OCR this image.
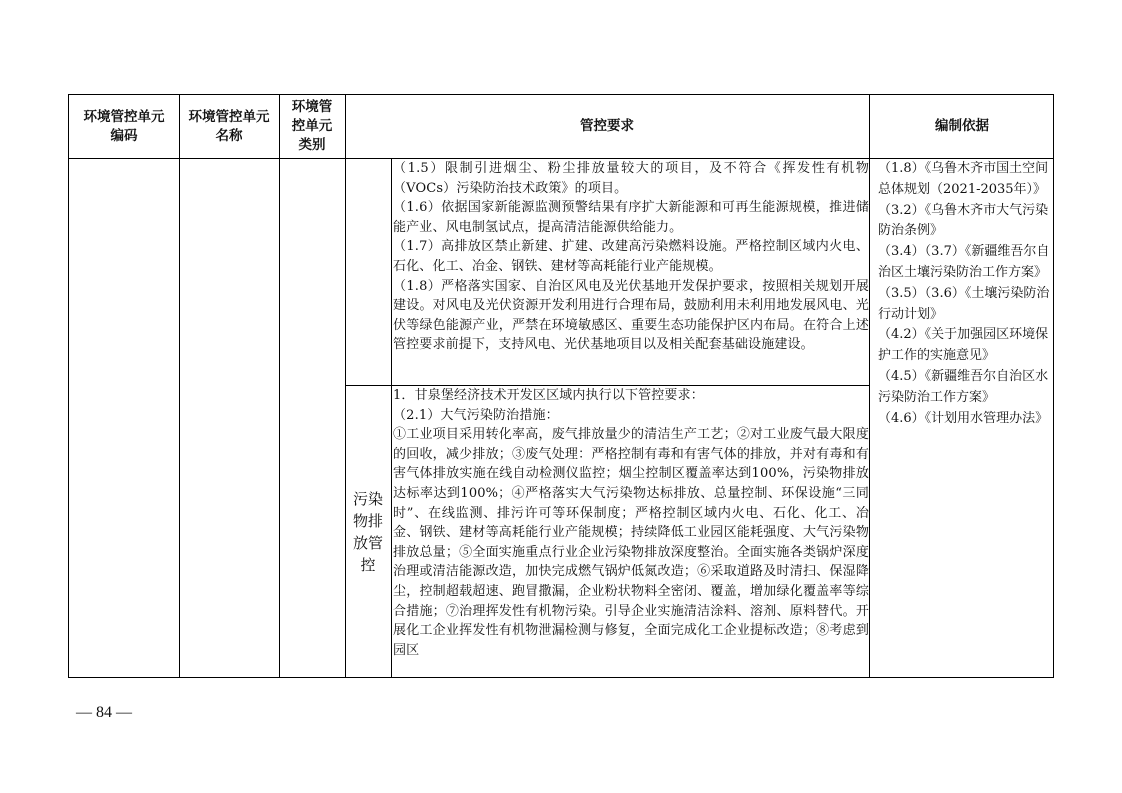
环境管控单元编码
环境管控单元名称
环境管控单元类别
管控要求	编制依据
污染物排放管控

（1.5）限制引进烟尘、粉尘排放量较大的项目，及不符合《挥发性有机物（VOCs）污染防治技术政策》的项目。

（1.6）依据国家新能源监测预警结果有序扩大新能源和可再生能源规模，推进储能产业、风电制氢试点，提高清洁能源供给能力。

（1.7）高排放区禁止新建、扩建、改建高污染燃料设施。严格控制区域内火电、石化、化工、冶金、钢铁、建材等高耗能行业产能规模。

（1.8）严格落实国家、自治区风电及光伏基地开发保护要求，按照相关规划开展建设。对风电及光伏资源开发利用进行合理布局，鼓励利用未利用地发展风电、光伏等绿色能源产业，严禁在环境敏感区、重要生态功能保护区内布局。在符合上述管控要求前提下，支持风电、光伏基地项目以及相关配套基础设施建设。

1．甘泉堡经济技术开发区区域内执行以下管控要求：

（2.1）大气污染防治措施：

①工业项目采用转化率高，废气排放量少的清洁生产工艺；②对工业废气最大限度的回收，减少排放；③废气处理：严格控制有毒和有害气体的排放，并对有毒和有害气体排放实施在线自动检测仪监控；烟尘控制区覆盖率达到100%，污染物排放达标率达到100%；④严格落实大气污染物达标排放、总量控制、环保设施“三同时”、在线监测、排污许可等环保制度；严格控制区域内火电、石化、化工、冶金、钢铁、建材等高耗能行业产能规模；持续降低工业园区能耗强度、大气污染物排放总量；⑤全面实施重点行业企业污染物排放深度整治。全面实施各类锅炉深度治理或清洁能源改造，加快完成燃气锅炉低氮改造；⑥采取道路及时清扫、保湿降尘，控制超载超速、跑冒撒漏，企业粉状物料全密闭、覆盖，增加绿化覆盖率等综合措施；⑦治理挥发性有机物污染。引导企业实施清洁涂料、溶剂、原料替代。开展化工企业挥发性有机物泄漏检测与修复，全面完成化工企业提标改造；⑧考虑到园区

（1.8）《乌鲁木齐市国土空间总体规划（2021-2035年）》

（3.2）《乌鲁木齐市大气污染防治条例》

（3.4）（3.7）《新疆维吾尔自治区土壤污染防治工作方案》

（3.5）（3.6）《土壤污染防治行动计划》

（4.2）《关于加强园区环境保护工作的实施意见》

（4.5）《新疆维吾尔自治区水污染防治工作方案》

（4.6）《计划用水管理办法》

— 84 —
